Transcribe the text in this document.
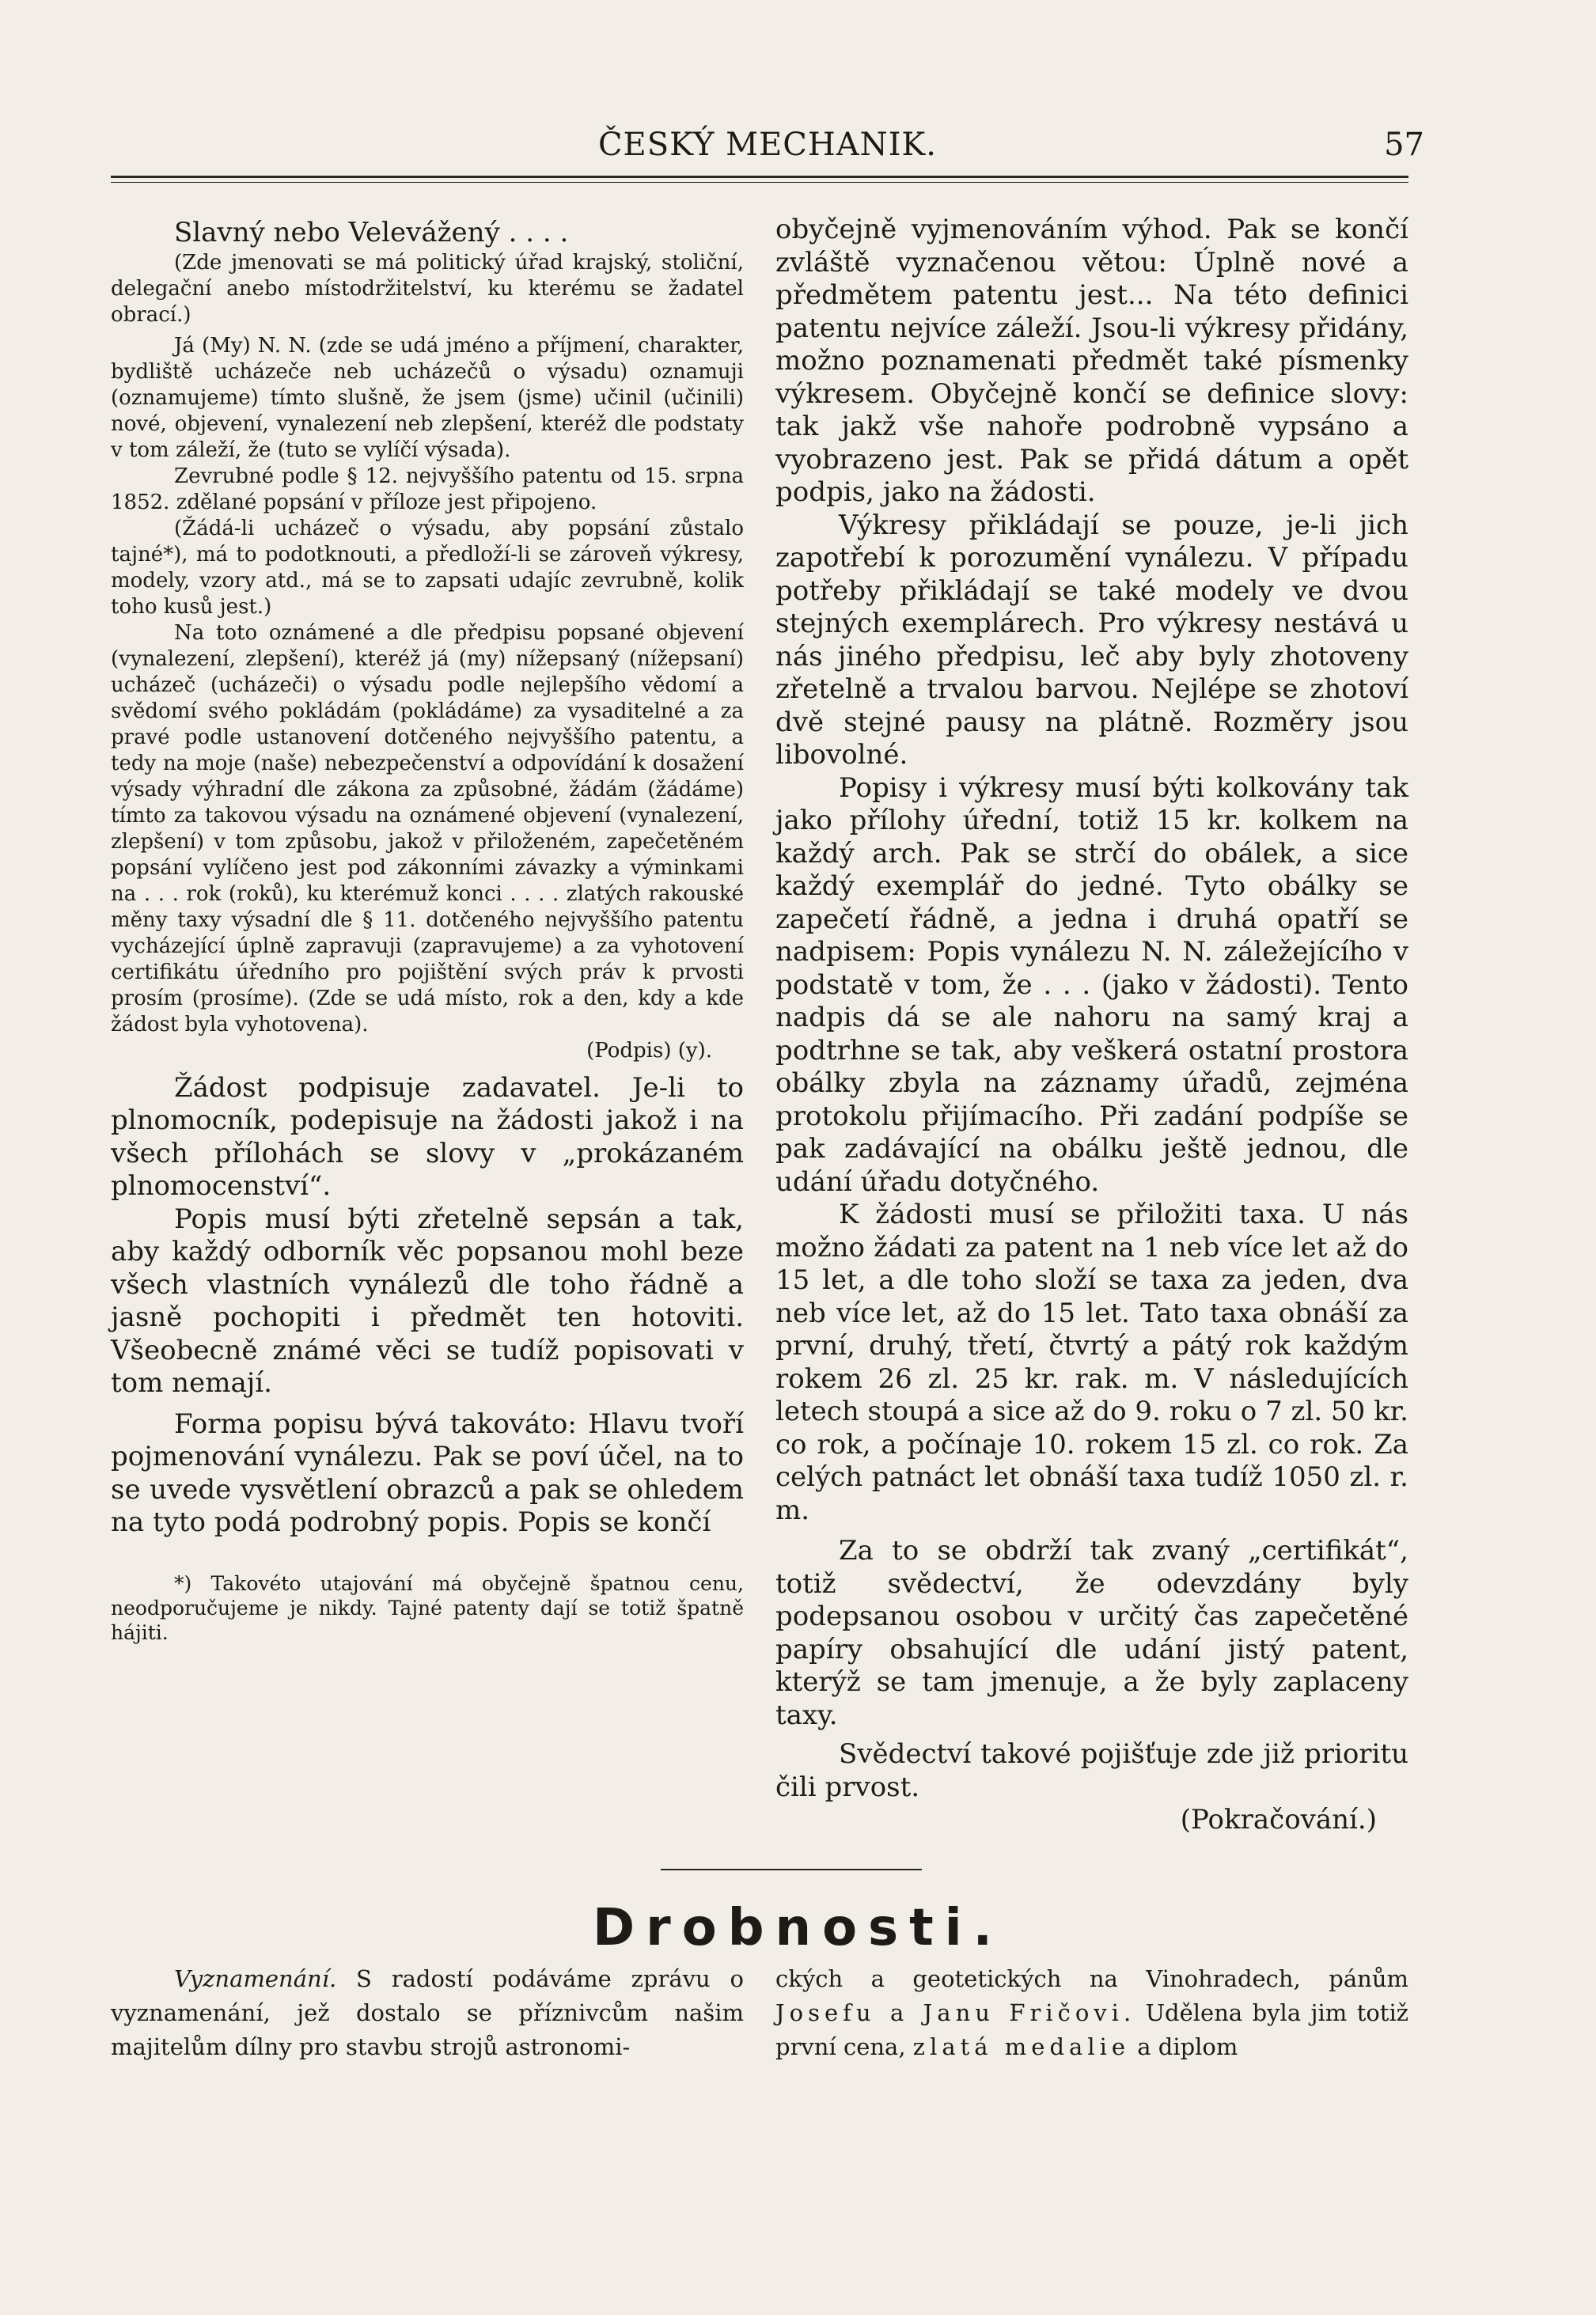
ČESKÝ MECHANIK.	57

Slavný nebo Velevážený . . . .

(Zde jmenovati se má politický úřad krajský, stoliční, delegační anebo místodržitelství, ku kterému se žadatel obrací.)

Já (My) N. N. (zde se udá jméno a příjmení, charakter, bydliště ucházeče neb ucházečů o výsadu) oznamuji (oznamujeme) tímto slušně, že jsem (jsme) učinil (učinili) nové, objevení, vynalezení neb zlepšení, kteréž dle podstaty v tom záleží, že (tuto se vylíčí výsada).

Zevrubné podle § 12. nejvyššího patentu od 15. srpna 1852. zdělané popsání v příloze jest připojeno.

(Žádá-li ucházeč o výsadu, aby popsání zůstalo tajné*), má to podotknouti, a předloží-li se zároveň výkresy, modely, vzory atd., má se to zapsati udajíc zevrubně, kolik toho kusů jest.)

Na toto oznámené a dle předpisu popsané objevení (vynalezení, zlepšení), kteréž já (my) nížepsaný (nížepsaní) ucházeč (ucházeči) o výsadu podle nejlepšího vědomí a svědomí svého pokládám (pokládáme) za vysaditelné a za pravé podle ustanovení dotčeného nejvyššího patentu, a tedy na moje (naše) nebezpečenství a odpovídání k dosažení výsady výhradní dle zákona za způsobné, žádám (žádáme) tímto za takovou výsadu na oznámené objevení (vynalezení, zlepšení) v tom způsobu, jakož v přiloženém, zapečetěném popsání vylíčeno jest pod zákonními závazky a výminkami na . . . rok (roků), ku kterémuž konci . . . . zlatých rakouské měny taxy výsadní dle § 11. dotčeného nejvyššího patentu vycházející úplně zapravuji (zapravujeme) a za vyhotovení certifikátu úředního pro pojištění svých práv k prvosti prosím (prosíme). (Zde se udá místo, rok a den, kdy a kde žádost byla vyhotovena).

(Podpis) (y).

Žádost podpisuje zadavatel. Je-li to plnomocník, podepisuje na žádosti jakož i na všech přílohách se slovy v „prokázaném plnomocenství“.

Popis musí býti zřetelně sepsán a tak, aby každý odborník věc popsanou mohl beze všech vlastních vynálezů dle toho řádně a jasně pochopiti i předmět ten hotoviti. Všeobecně známé věci se tudíž popisovati v tom nemají.

Forma popisu bývá takováto: Hlavu tvoří pojmenování vynálezu. Pak se poví účel, na to se uvede vysvětlení obrazců a pak se ohledem na tyto podá podrobný popis. Popis se končí

*) Takovéto utajování má obyčejně špatnou cenu, neodporučujeme je nikdy. Tajné patenty dají se totiž špatně hájiti.

obyčejně vyjmenováním výhod. Pak se končí zvláště vyznačenou větou: Úplně nové a předmětem patentu jest... Na této definici patentu nejvíce záleží. Jsou-li výkresy přidány, možno poznamenati předmět také písmenky výkresem. Obyčejně končí se definice slovy: tak jakž vše nahoře podrobně vypsáno a vyobrazeno jest. Pak se přidá dátum a opět podpis, jako na žádosti.

Výkresy přikládají se pouze, je-li jich zapotřebí k porozumění vynálezu. V případu potřeby přikládají se také modely ve dvou stejných exemplárech. Pro výkresy nestává u nás jiného předpisu, leč aby byly zhotoveny zřetelně a trvalou barvou. Nejlépe se zhotoví dvě stejné pausy na plátně. Rozměry jsou libovolné.

Popisy i výkresy musí býti kolkovány tak jako přílohy úřední, totiž 15 kr. kolkem na každý arch. Pak se strčí do obálek, a sice každý exemplář do jedné. Tyto obálky se zapečetí řádně, a jedna i druhá opatří se nadpisem: Popis vynálezu N. N. záležejícího v podstatě v tom, že . . . (jako v žádosti). Tento nadpis dá se ale nahoru na samý kraj a podtrhne se tak, aby veškerá ostatní prostora obálky zbyla na záznamy úřadů, zejména protokolu přijímacího. Při zadání podpíše se pak zadávající na obálku ještě jednou, dle udání úřadu dotyčného.

K žádosti musí se přiložiti taxa. U nás možno žádati za patent na 1 neb více let až do 15 let, a dle toho složí se taxa za jeden, dva neb více let, až do 15 let. Tato taxa obnáší za první, druhý, třetí, čtvrtý a pátý rok každým rokem 26 zl. 25 kr. rak. m. V následujících letech stoupá a sice až do 9. roku o 7 zl. 50 kr. co rok, a počínaje 10. rokem 15 zl. co rok. Za celých patnáct let obnáší taxa tudíž 1050 zl. r. m.

Za to se obdrží tak zvaný „certifikát“, totiž svědectví, že odevzdány byly podepsanou osobou v určitý čas zapečetěné papíry obsahující dle udání jistý patent, kterýž se tam jmenuje, a že byly zaplaceny taxy.

Svědectví takové pojišťuje zde již prioritu čili prvost.

(Pokračování.)

Drobnosti.

Vyznamenání. S radostí podáváme zprávu o vyznamenání, jež dostalo se příznivcům našim majitelům dílny pro stavbu strojů astronomi-

ckých a geotetických na Vinohradech, pánům Josefu a Janu Fričovi. Udělena byla jim totiž první cena, zlatá medalie a diplom
